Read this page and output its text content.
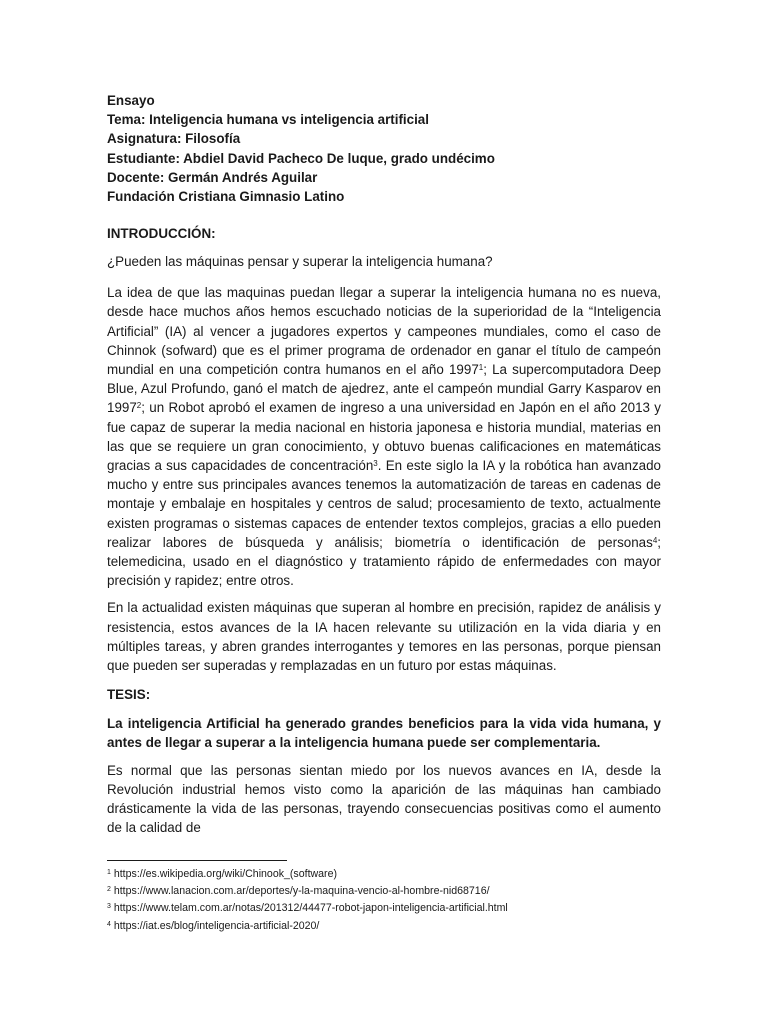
Ensayo

Tema: Inteligencia humana vs inteligencia artificial

Asignatura: Filosofía

Estudiante: Abdiel David Pacheco De luque, grado undécimo

Docente: Germán Andrés Aguilar

Fundación Cristiana Gimnasio Latino

INTRODUCCIÓN:

¿Pueden las máquinas pensar y superar la inteligencia humana?

La idea de que las maquinas puedan llegar a superar la inteligencia humana no es nueva, desde hace muchos años hemos escuchado noticias de la superioridad de la “Inteligencia Artificial” (IA) al vencer a jugadores expertos y campeones mundiales, como el caso de Chinnok (sofward) que es el primer programa de ordenador en ganar el título de campeón mundial en una competición contra humanos en el año 1997$^1$; La supercomputadora Deep Blue, Azul Profundo, ganó el match de ajedrez, ante el campeón mundial Garry Kasparov en 1997$^2$; un Robot aprobó el examen de ingreso a una universidad en Japón en el año 2013 y fue capaz de superar la media nacional en historia japonesa e historia mundial, materias en las que se requiere un gran conocimiento, y obtuvo buenas calificaciones en matemáticas gracias a sus capacidades de concentración$^3$. En este siglo la IA y la robótica han avanzado mucho y entre sus principales avances tenemos la automatización de tareas en cadenas de montaje y embalaje en hospitales y centros de salud; procesamiento de texto, actualmente existen programas o sistemas capaces de entender textos complejos, gracias a ello pueden realizar labores de búsqueda y análisis; biometría o identificación de personas$^4$; telemedicina, usado en el diagnóstico y tratamiento rápido de enfermedades con mayor precisión y rapidez; entre otros.

En la actualidad existen máquinas que superan al hombre en precisión, rapidez de análisis y resistencia, estos avances de la IA hacen relevante su utilización en la vida diaria y en múltiples tareas, y abren grandes interrogantes y temores en las personas, porque piensan que pueden ser superadas y remplazadas en un futuro por estas máquinas.

TESIS:

La inteligencia Artificial ha generado grandes beneficios para la vida vida humana, y antes de llegar a superar a la inteligencia humana puede ser complementaria.

Es normal que las personas sientan miedo por los nuevos avances en IA, desde la Revolución industrial hemos visto como la aparición de las máquinas han cambiado drásticamente la vida de las personas, trayendo consecuencias positivas como el aumento de la calidad de

$^1$ https://es.wikipedia.org/wiki/Chinook_(software)

$^2$ https://www.lanacion.com.ar/deportes/y-la-maquina-vencio-al-hombre-nid68716/

$^3$ https://www.telam.com.ar/notas/201312/44477-robot-japon-inteligencia-artificial.html

$^4$ https://iat.es/blog/inteligencia-artificial-2020/
